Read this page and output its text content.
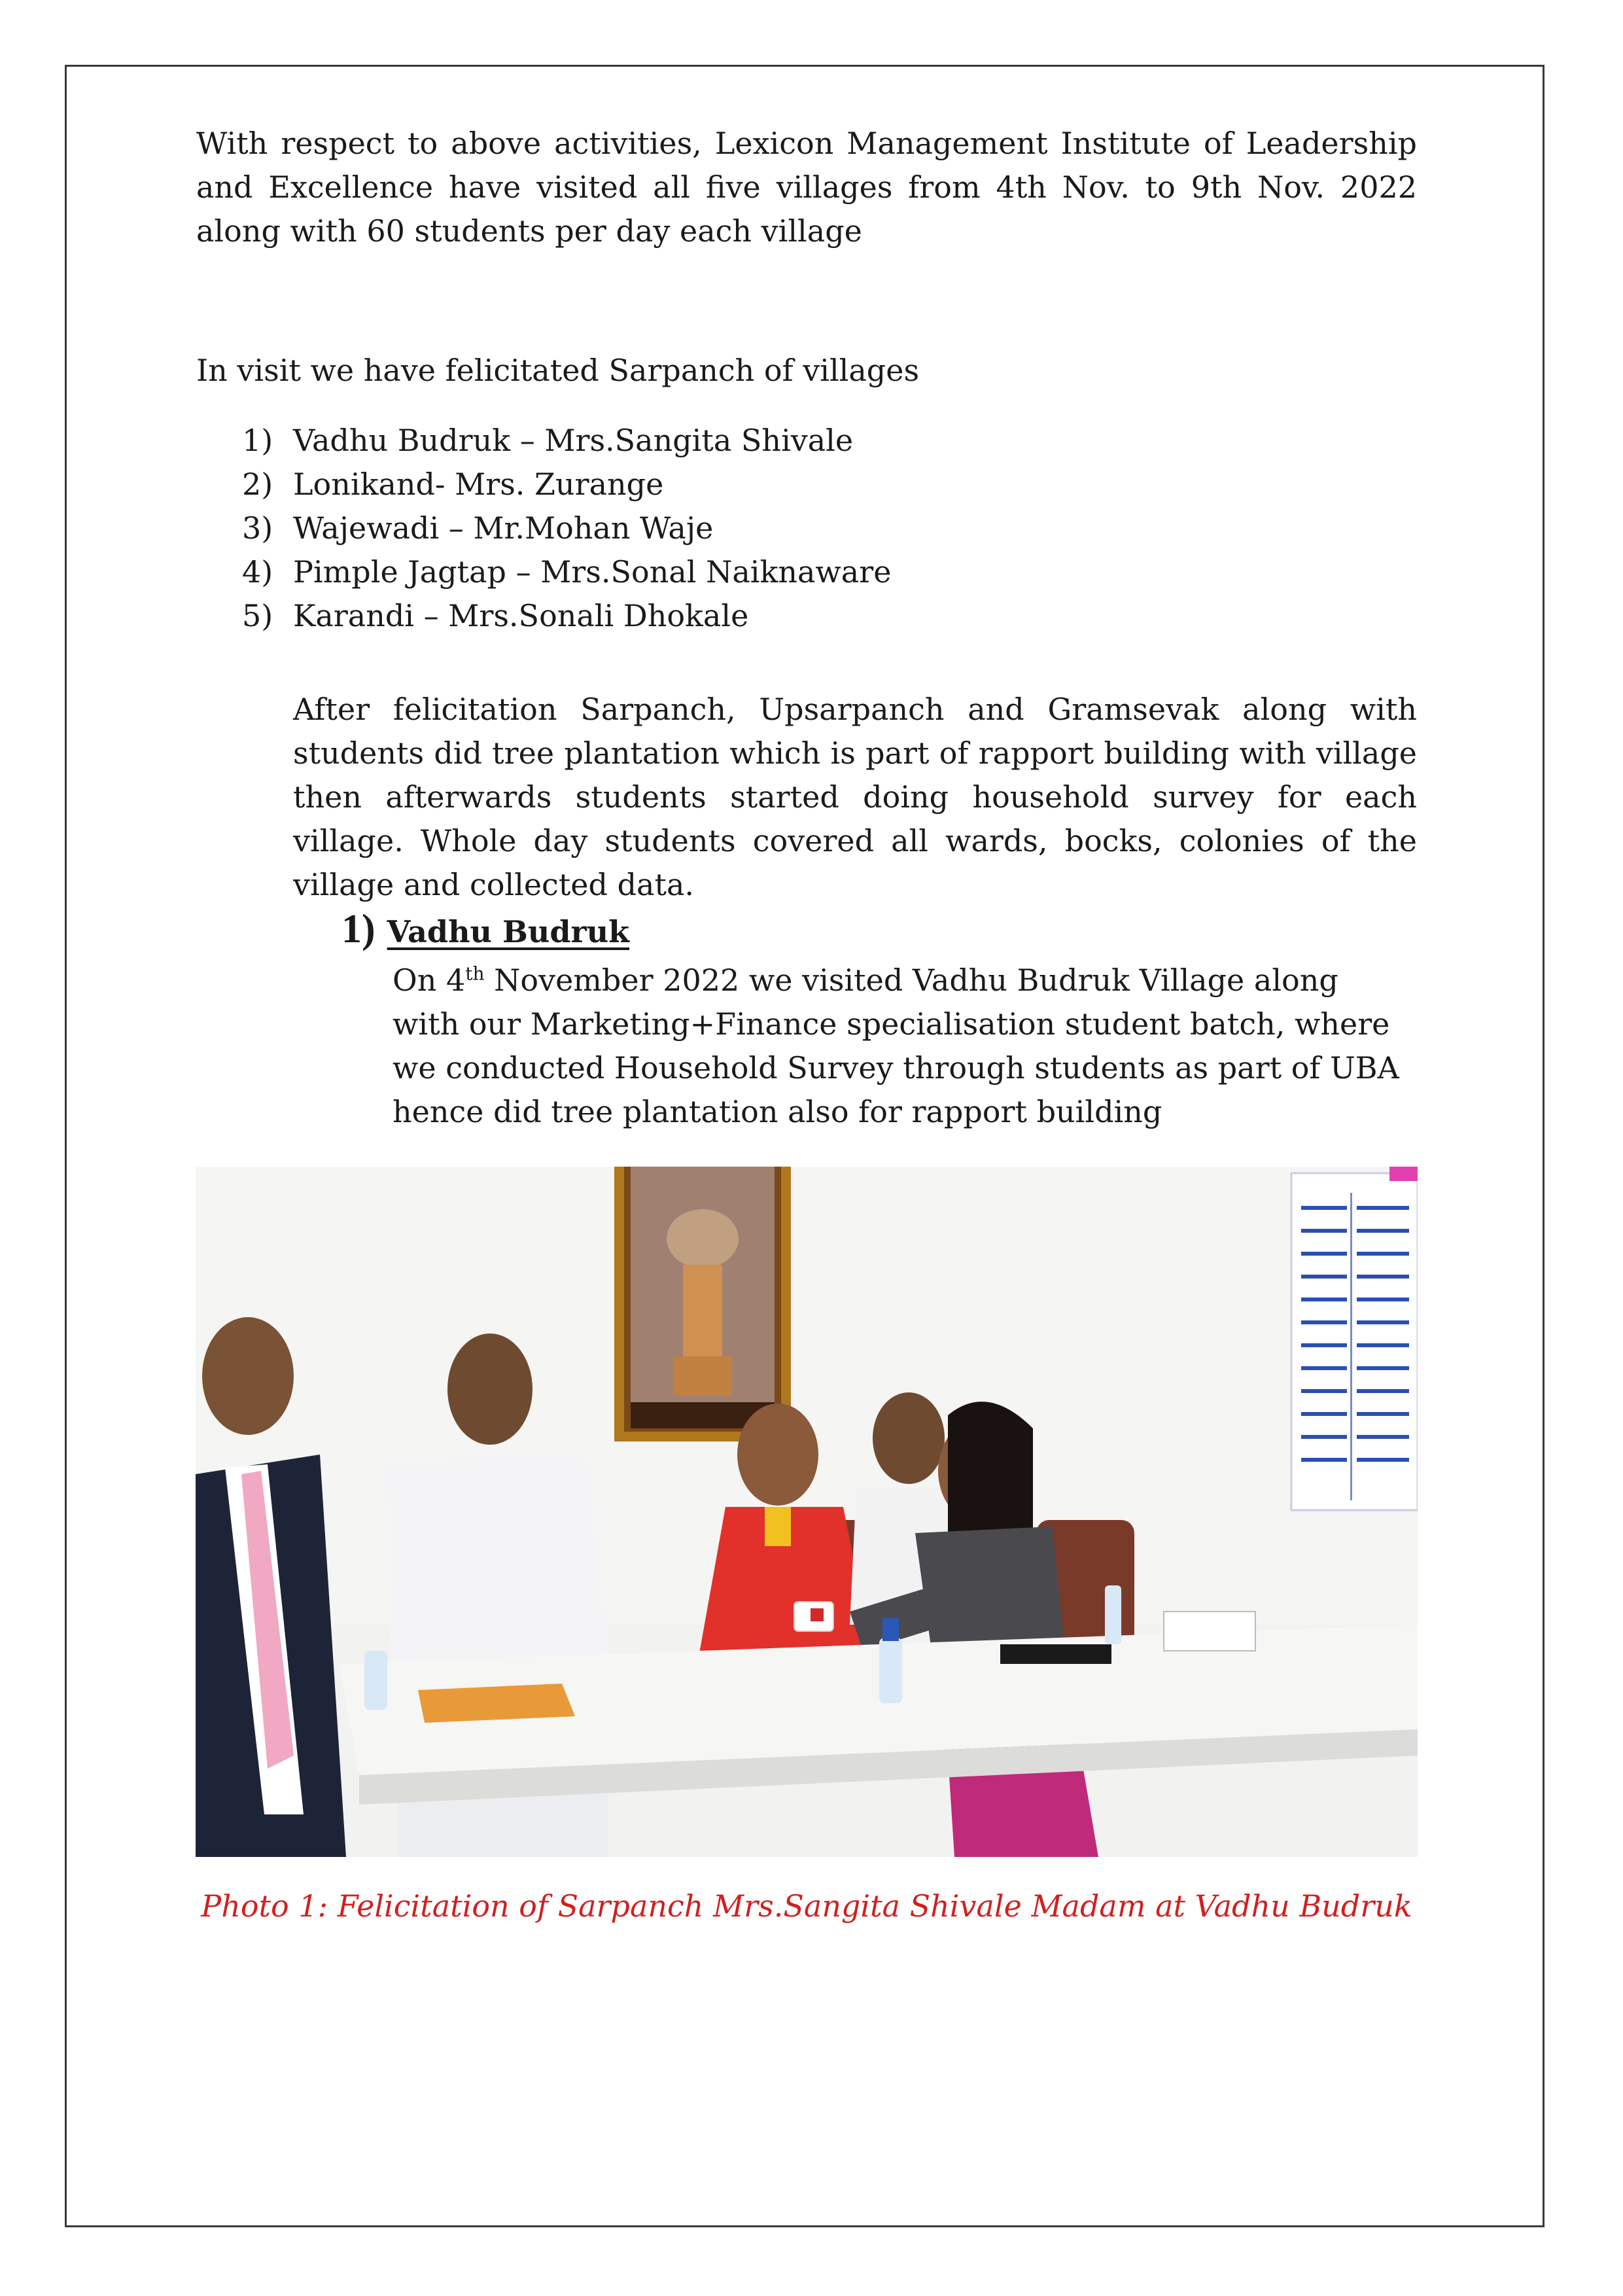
With respect to above activities, Lexicon Management Institute of Leadership and Excellence have visited all five villages from 4th Nov. to 9th Nov. 2022 along with 60 students per day each village

In visit we have felicitated Sarpanch of villages

1) Vadhu Budruk – Mrs.Sangita Shivale
2) Lonikand- Mrs. Zurange
3) Wajewadi – Mr.Mohan Waje
4) Pimple Jagtap – Mrs.Sonal Naiknaware
5) Karandi – Mrs.Sonali Dhokale

After felicitation Sarpanch, Upsarpanch and Gramsevak along with students did tree plantation which is part of rapport building with village then afterwards students started doing household survey for each village. Whole day students covered all wards, bocks, colonies of the village and collected data.

1) Vadhu Budruk

On 4th November 2022 we visited Vadhu Budruk Village along with our Marketing+Finance specialisation student batch, where we conducted Household Survey through students as part of UBA hence did tree plantation also for rapport building

Photo 1: Felicitation of Sarpanch Mrs.Sangita Shivale Madam at Vadhu Budruk
